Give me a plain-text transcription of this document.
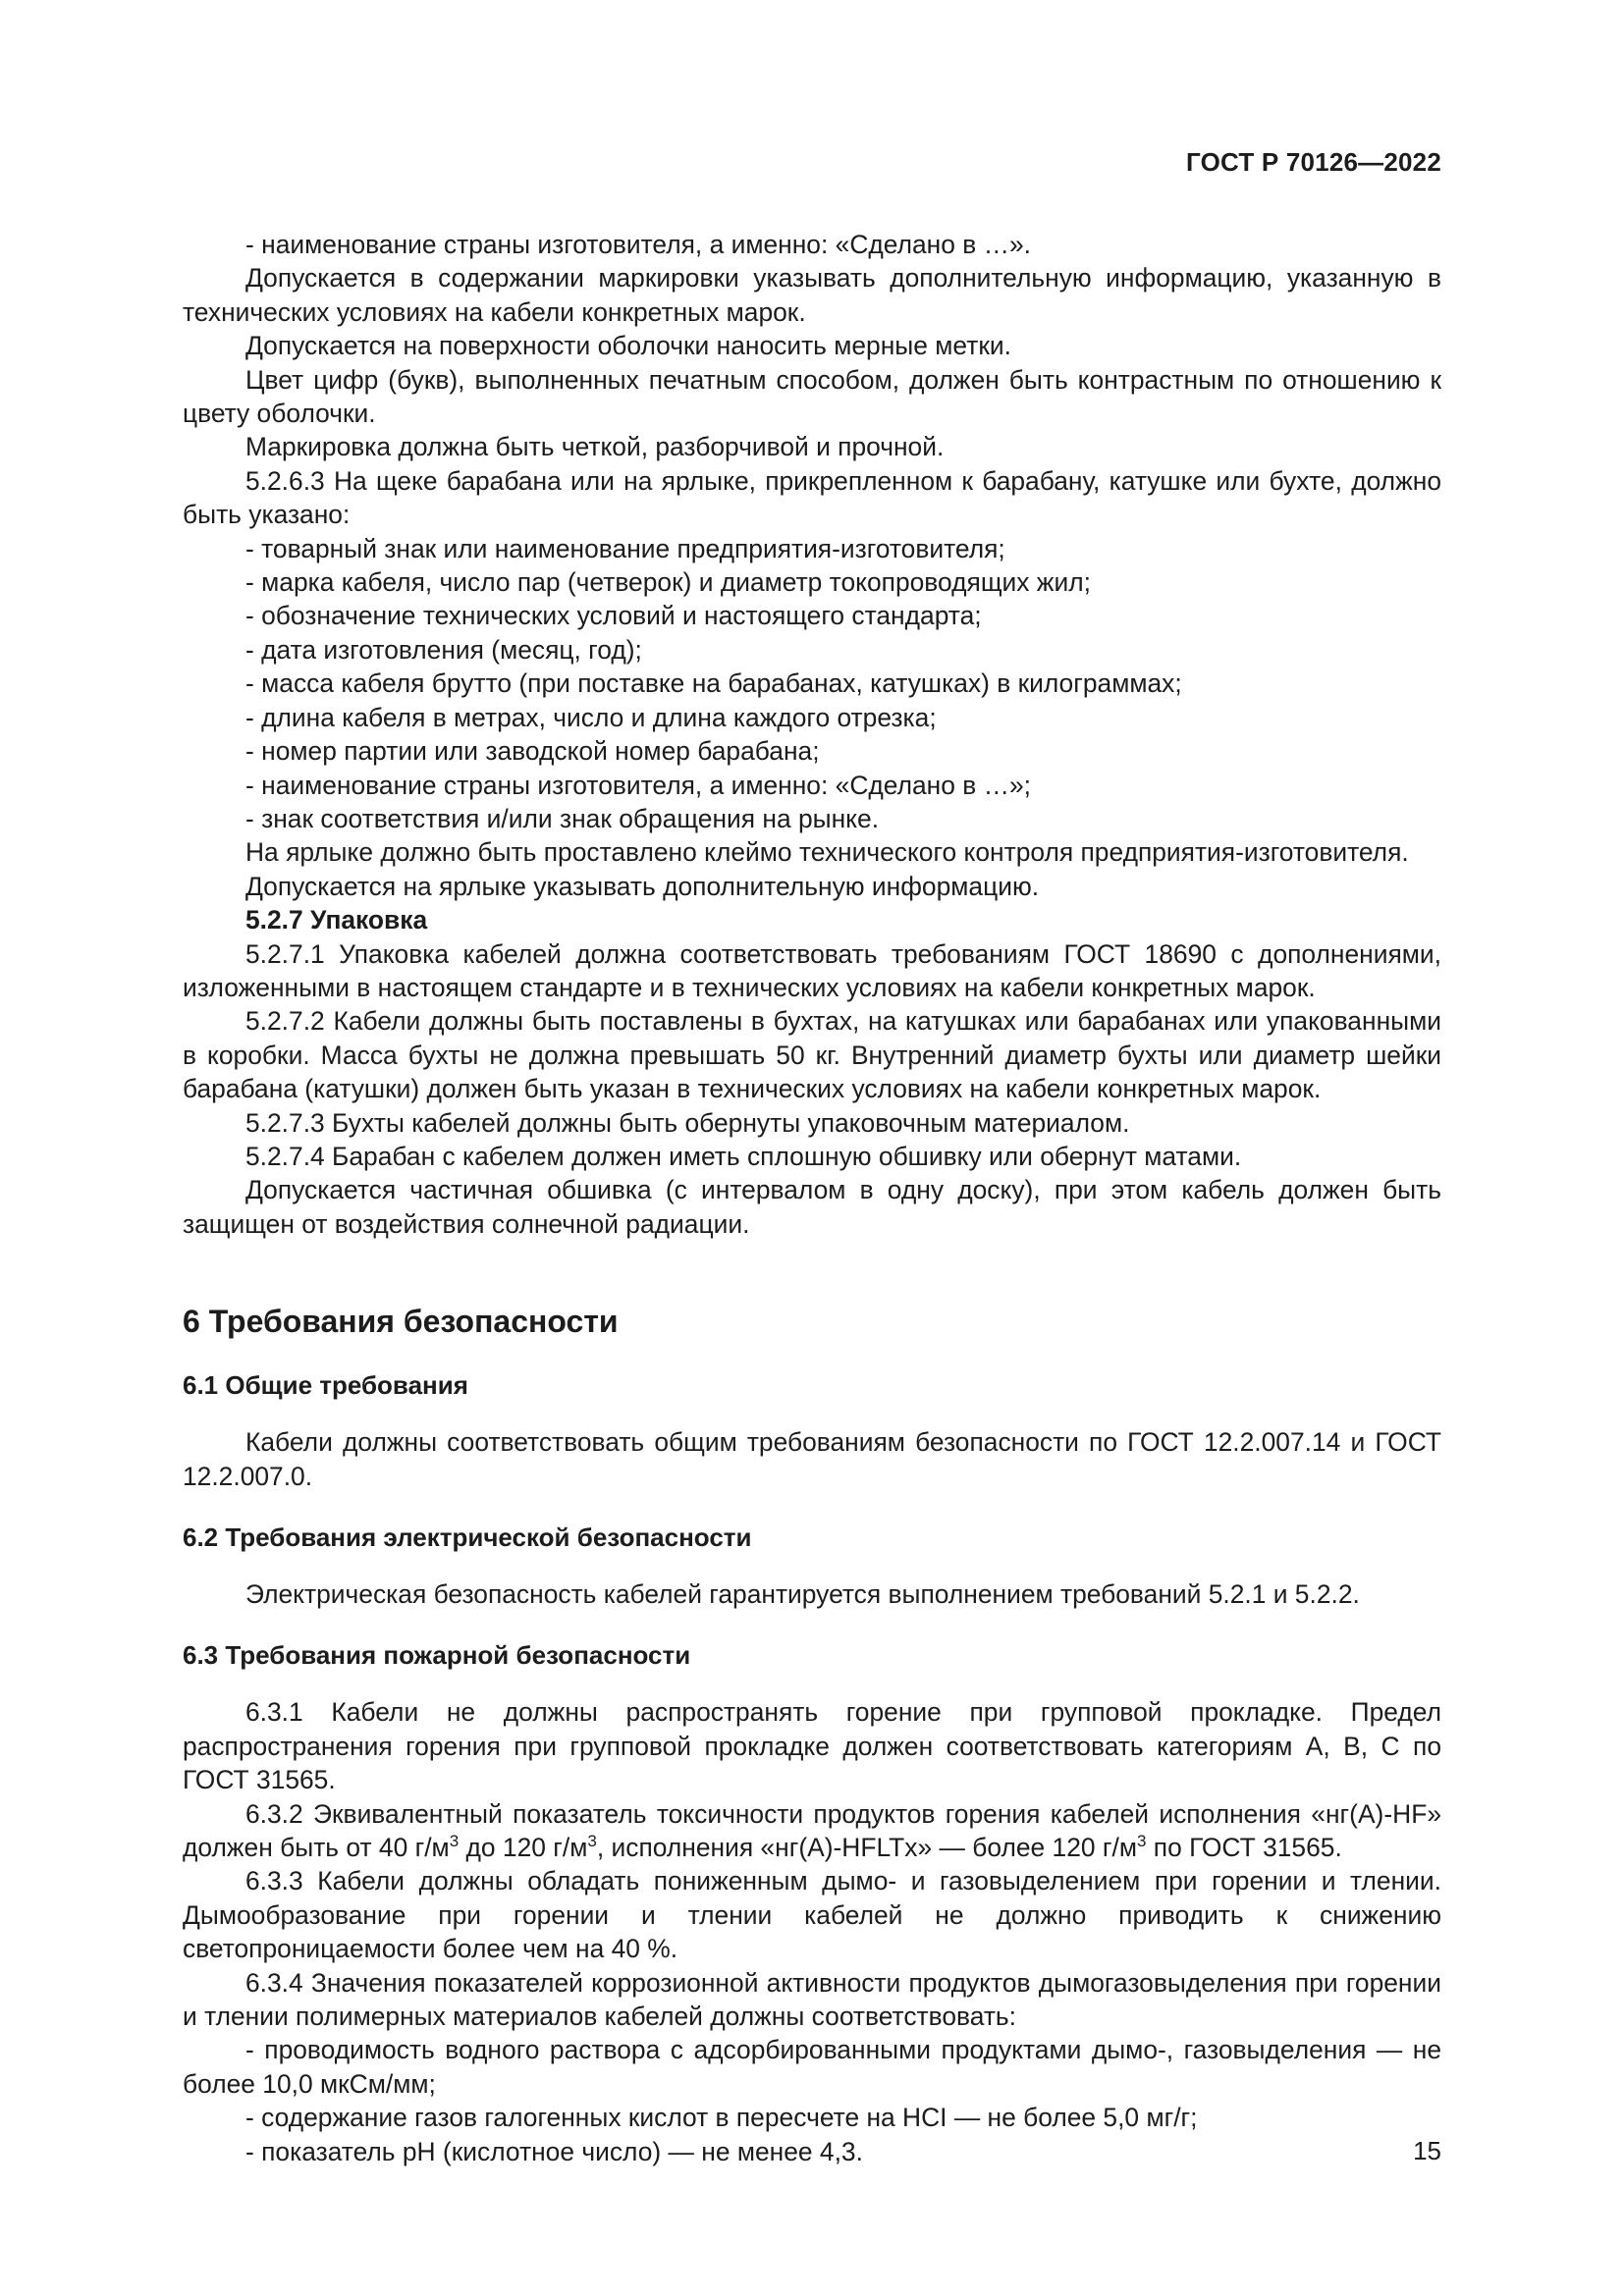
ГОСТ Р 70126—2022

- наименование страны изготовителя, а именно: «Сделано в …».

Допускается в содержании маркировки указывать дополнительную информацию, указанную в технических условиях на кабели конкретных марок.

Допускается на поверхности оболочки наносить мерные метки.

Цвет цифр (букв), выполненных печатным способом, должен быть контрастным по отношению к цвету оболочки.

Маркировка должна быть четкой, разборчивой и прочной.

5.2.6.3 На щеке барабана или на ярлыке, прикрепленном к барабану, катушке или бухте, должно быть указано:

- товарный знак или наименование предприятия-изготовителя;

- марка кабеля, число пар (четверок) и диаметр токопроводящих жил;

- обозначение технических условий и настоящего стандарта;

- дата изготовления (месяц, год);

- масса кабеля брутто (при поставке на барабанах, катушках) в килограммах;

- длина кабеля в метрах, число и длина каждого отрезка;

- номер партии или заводской номер барабана;

- наименование страны изготовителя, а именно: «Сделано в …»;

- знак соответствия и/или знак обращения на рынке.

На ярлыке должно быть проставлено клеймо технического контроля предприятия-изготовителя.

Допускается на ярлыке указывать дополнительную информацию.

5.2.7 Упаковка

5.2.7.1 Упаковка кабелей должна соответствовать требованиям ГОСТ 18690 с дополнениями, изложенными в настоящем стандарте и в технических условиях на кабели конкретных марок.

5.2.7.2 Кабели должны быть поставлены в бухтах, на катушках или барабанах или упакованными в коробки. Масса бухты не должна превышать 50 кг. Внутренний диаметр бухты или диаметр шейки барабана (катушки) должен быть указан в технических условиях на кабели конкретных марок.

5.2.7.3 Бухты кабелей должны быть обернуты упаковочным материалом.

5.2.7.4 Барабан с кабелем должен иметь сплошную обшивку или обернут матами.

Допускается частичная обшивка (с интервалом в одну доску), при этом кабель должен быть защищен от воздействия солнечной радиации.

6 Требования безопасности
6.1 Общие требования

Кабели должны соответствовать общим требованиям безопасности по ГОСТ 12.2.007.14 и ГОСТ 12.2.007.0.

6.2 Требования электрической безопасности

Электрическая безопасность кабелей гарантируется выполнением требований 5.2.1 и 5.2.2.

6.3 Требования пожарной безопасности

6.3.1 Кабели не должны распространять горение при групповой прокладке. Предел распространения горения при групповой прокладке должен соответствовать категориям А, В, С по ГОСТ 31565.

6.3.2 Эквивалентный показатель токсичности продуктов горения кабелей исполнения «нг(А)-HF» должен быть от 40 $г/м^3$ до 120 $г/м^3$, исполнения «нг(А)-HFLTx» — более 120 $г/м^3$ по ГОСТ 31565.

6.3.3 Кабели должны обладать пониженным дымо- и газовыделением при горении и тлении. Дымообразование при горении и тлении кабелей не должно приводить к снижению светопроницаемости более чем на 40 %.

6.3.4 Значения показателей коррозионной активности продуктов дымогазовыделения при горении и тлении полимерных материалов кабелей должны соответствовать:

- проводимость водного раствора с адсорбированными продуктами дымо-, газовыделения — не более 10,0 мкСм/мм;

- содержание газов галогенных кислот в пересчете на HCI — не более 5,0 мг/г;

- показатель pH (кислотное число) — не менее 4,3.	15
